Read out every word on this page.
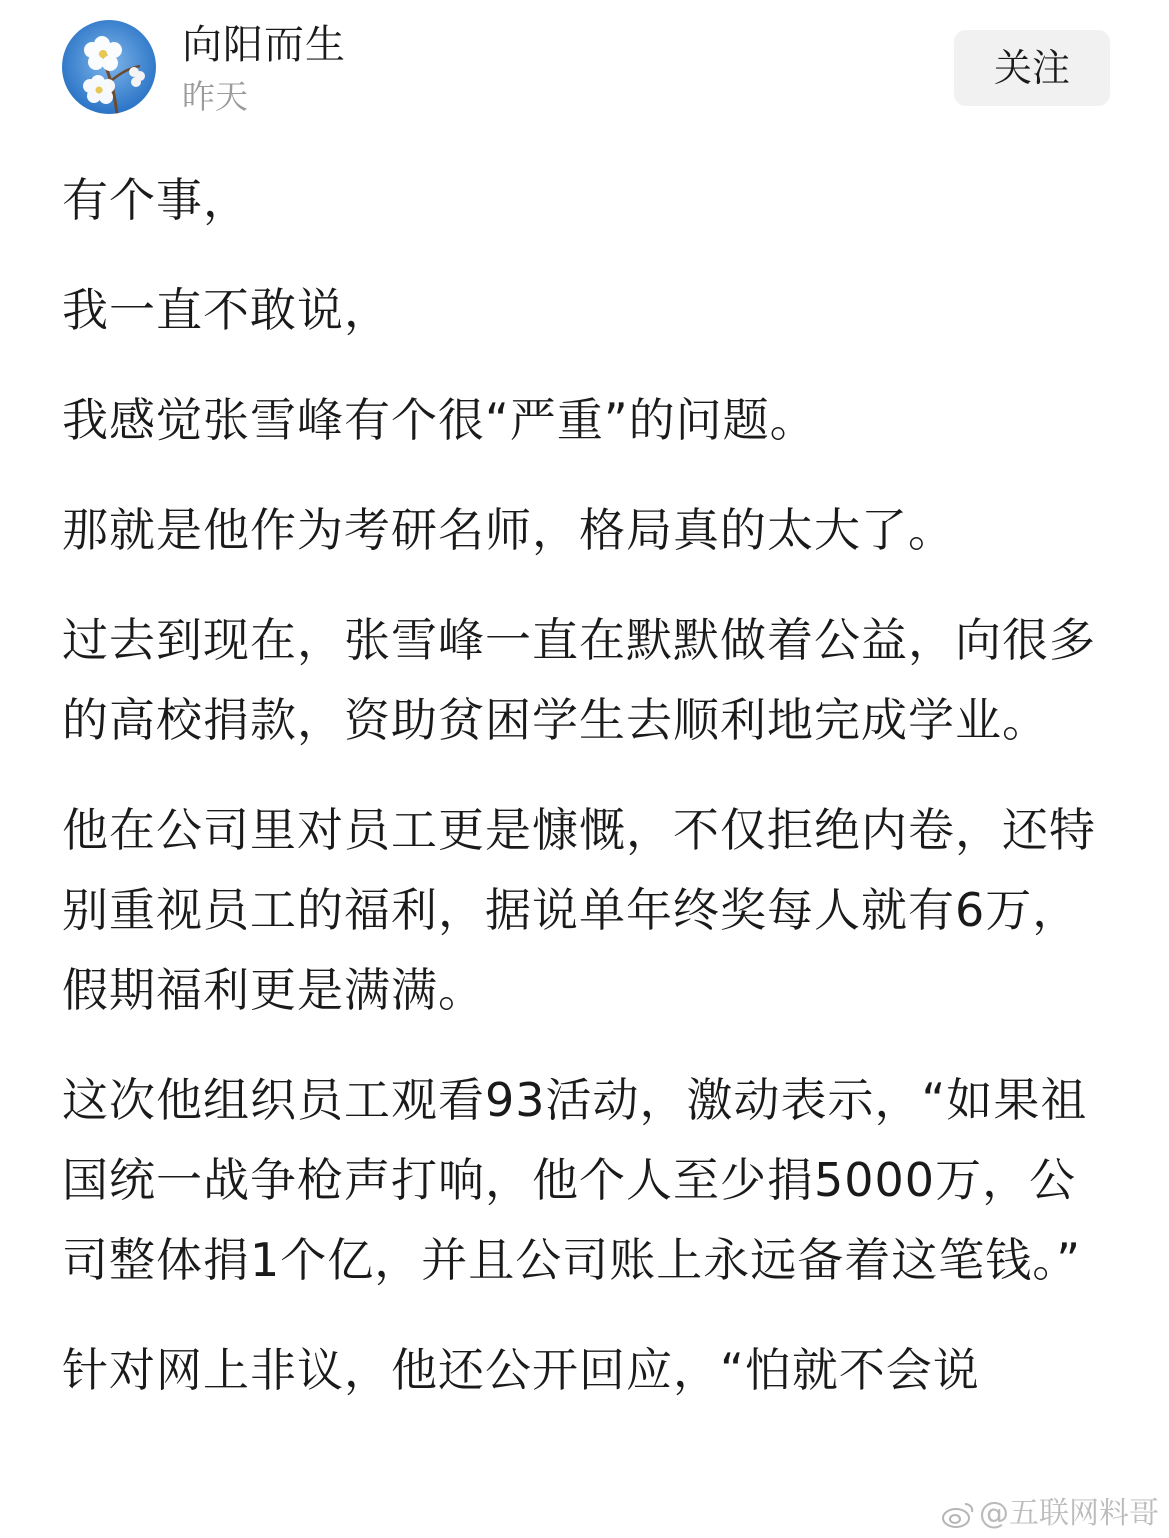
向阳而生
昨天
关注

有个事，

我一直不敢说，

我感觉张雪峰有个很“严重”的问题。

那就是他作为考研名师，格局真的太大了。

过去到现在，张雪峰一直在默默做着公益，向很多的高校捐款，资助贫困学生去顺利地完成学业。

他在公司里对员工更是慷慨，不仅拒绝内卷，还特别重视员工的福利，据说单年终奖每人就有6万，假期福利更是满满。

这次他组织员工观看93活动，激动表示，“如果祖国统一战争枪声打响，他个人至少捐5000万，公司整体捐1个亿，并且公司账上永远备着这笔钱。”

针对网上非议，他还公开回应，“怕就不会说

@五联网料哥
